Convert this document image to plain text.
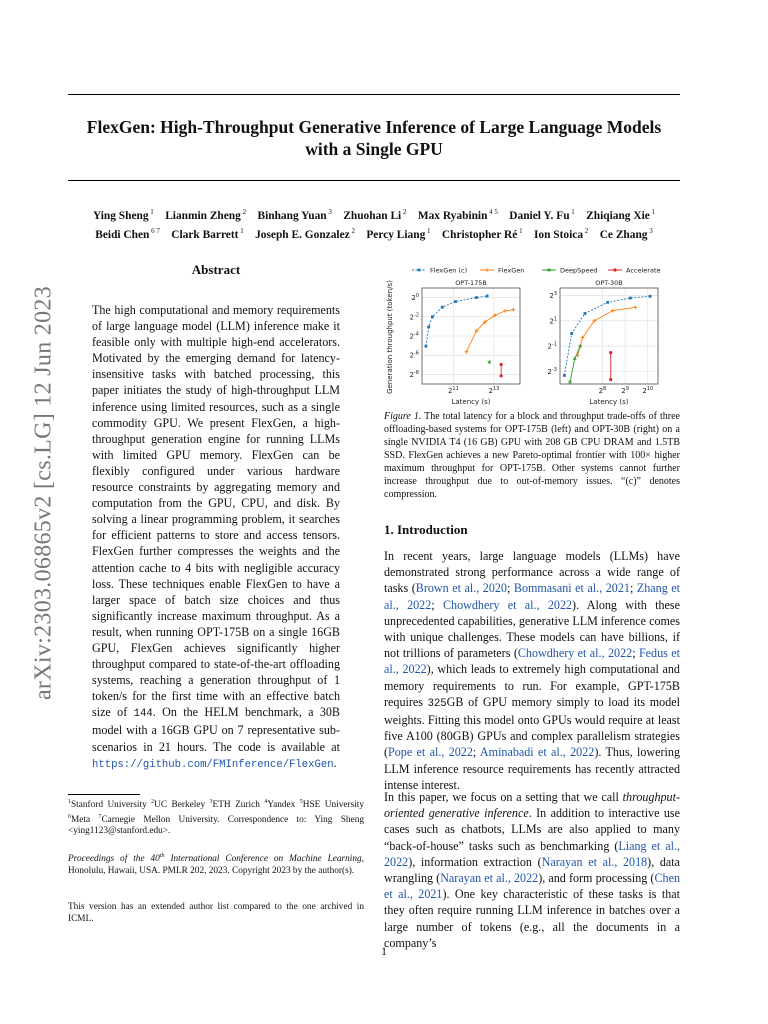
FlexGen: High-Throughput Generative Inference of Large Language Models
with a Single GPU
Ying Sheng $^1$  Lianmin Zheng $^2$  Binhang Yuan $^3$  Zhuohan Li $^2$  Max Ryabinin $^{4 5}$  Daniel Y. Fu $^1$  Zhiqiang Xie $^1$
Beidi Chen $^{6 7}$  Clark Barrett $^1$  Joseph E. Gonzalez $^2$  Percy Liang $^1$  Christopher Ré $^1$  Ion Stoica $^2$  Ce Zhang $^3$
arXiv:2303.06865v2 [cs.LG] 12 Jun 2023
Abstract
The high computational and memory requirements of large language model (LLM) inference make it feasible only with multiple high-end accelerators. Motivated by the emerging demand for latency-insensitive tasks with batched processing, this paper initiates the study of high-throughput LLM inference using limited resources, such as a single commodity GPU. We present FlexGen, a high-throughput generation engine for running LLMs with limited GPU memory. FlexGen can be flexibly configured under various hardware resource constraints by aggregating memory and computation from the GPU, CPU, and disk. By solving a linear programming problem, it searches for efficient patterns to store and access tensors. FlexGen further compresses the weights and the attention cache to 4 bits with negligible accuracy loss. These techniques enable FlexGen to have a larger space of batch size choices and thus significantly increase maximum throughput. As a result, when running OPT-175B on a single 16GB GPU, FlexGen achieves significantly higher throughput compared to state-of-the-art offloading systems, reaching a generation throughput of 1 token/s for the first time with an effective batch size of 144. On the HELM benchmark, a 30B model with a 16GB GPU on 7 representative sub-scenarios in 21 hours. The code is available at https://github.com/FMInference/FlexGen.
$^1$Stanford University $^2$UC Berkeley $^3$ETH Zurich $^4$Yandex $^5$HSE University $^6$Meta $^7$Carnegie Mellon University. Correspondence to: Ying Sheng <ying1123@stanford.edu>.
Proceedings of the 40th International Conference on Machine Learning, Honolulu, Hawaii, USA. PMLR 202, 2023. Copyright 2023 by the author(s).
This version has an extended author list compared to the one archived in ICML.
FlexGen (c)	FlexGen	DeepSpeed	Accelerate
Generation throughput (token/s)	OPT-175B
$2^0$
$2^{-2}$
$2^{-4}$
$2^{-6}$
$2^{-8}$
$2^{11}$	$2^{13}$
Latency (s)
OPT-30B
$2^3$
$2^1$
$2^{-1}$
$2^{-3}$
$2^8$ $2^9$ $2^{10}$
Latency (s)
Figure 1. The total latency for a block and throughput trade-offs of three offloading-based systems for OPT-175B (left) and OPT-30B (right) on a single NVIDIA T4 (16 GB) GPU with 208 GB CPU DRAM and 1.5TB SSD. FlexGen achieves a new Pareto-optimal frontier with 100× higher maximum throughput for OPT-175B. Other systems cannot further increase throughput due to out-of-memory issues. “(c)” denotes compression.
1. Introduction
In recent years, large language models (LLMs) have demonstrated strong performance across a wide range of tasks (Brown et al., 2020; Bommasani et al., 2021; Zhang et al., 2022; Chowdhery et al., 2022). Along with these unprecedented capabilities, generative LLM inference comes with unique challenges. These models can have billions, if not trillions of parameters (Chowdhery et al., 2022; Fedus et al., 2022), which leads to extremely high computational and memory requirements to run. For example, GPT-175B requires 325GB of GPU memory simply to load its model weights. Fitting this model onto GPUs would require at least five A100 (80GB) GPUs and complex parallelism strategies (Pope et al., 2022; Aminabadi et al., 2022). Thus, lowering LLM inference resource requirements has recently attracted intense interest.
In this paper, we focus on a setting that we call throughput-oriented generative inference. In addition to interactive use cases such as chatbots, LLMs are also applied to many “back-of-house” tasks such as benchmarking (Liang et al., 2022), information extraction (Narayan et al., 2018), data wrangling (Narayan et al., 2022), and form processing (Chen et al., 2021). One key characteristic of these tasks is that they often require running LLM inference in batches over a large number of tokens (e.g., all the documents in a company’s
1
